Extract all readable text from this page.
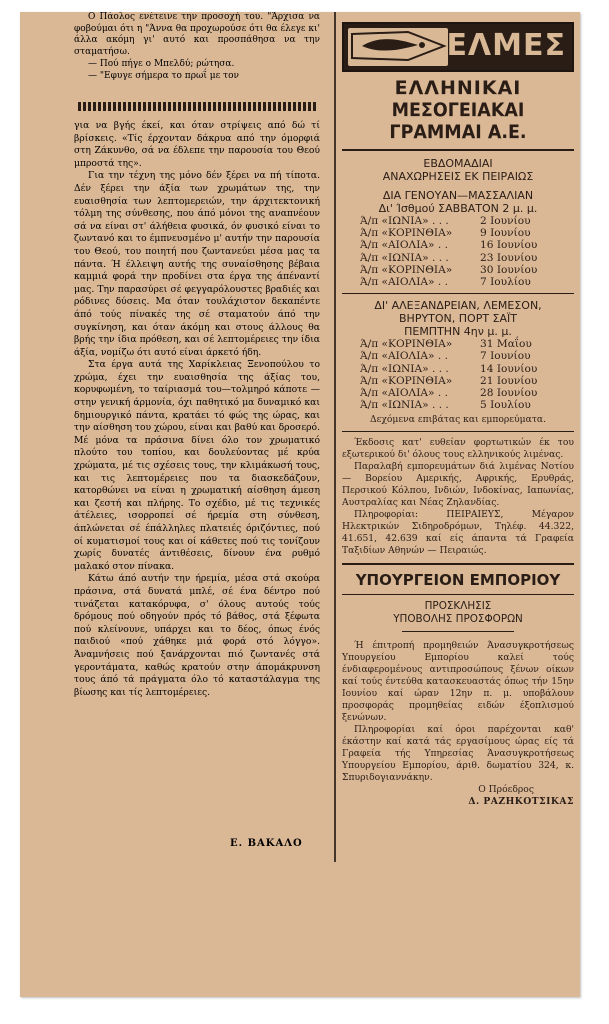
Ο Πάολος ενέτεινε την προσοχή του. "Άρχισα να φοβούμαι ότι η "Άννα θα προχωρούσε ότι θα έλεγε κι' άλλα ακόμη γι' αυτό και προσπάθησα να την σταματήσω.

— Πού πήγε ο Μπελδύ; ρώτησα.

— "Εφυγε σήμερα το πρωΐ με τον

για να βγής έκεί, και όταν στρίψεις από δώ τί βρίσκεις. «Τίς έρχονταν δάκρυα από την όμορφιά στη Ζάκυνθο, σά να έδλεπε την παρουσία του Θεού μπροστά της».

Για την τέχνη της μόνο δέν ξέρει να πή τίποτα. Δέν ξέρει την άξία των χρωμάτων της, την ευαισθησία των λεπτομερειών, την άρχιτεκτονική τόλμη της σύνθεσης, που άπό μόνοι της αναπνέουν σά να είναι στ' άλήθεια φυσικά, όν φυσικό είναι το ζωντανό και το έμπνευσμένο μ' αυτήν την παρουσία του Θεού, του ποιητή που ζωντανεύει μέσα μας τα πάντα. Ή έλλειψη αυτής της συναίσθησης βέβαια καμμιά φορά την προδίνει στα έργα της άπέναντί μας. Την παρασύρει σέ φεγγαρόλουστες βραδιές και ρόδινες δύσεις. Μα όταν τουλάχιστον δεκαπέντε άπό τούς πίνακές της σέ σταματούν άπό την συγκίνηση, και όταν άκόμη και στους άλλους θα βρής την ίδια πρόθεση, και σέ λεπτομέρειες την ίδια άξία, νομίζω ότι αυτό είναι άρκετό ήδη.

Στα έργα αυτά της Χαρίκλειας Ξενοπούλου το χρώμα, έχει την ευαισθησία της άξίας του, κορυφωμένη, το ταίριασμά του—τολμηρό κάποτε — στην γενική άρμονία, όχι παθητικό μα δυναμικό και δημιουργικό πάντα, κρατάει τό φώς της ώρας, και την αίσθηση του χώρου, είναι και βαθύ και δροσερό. Μέ μόνα τα πράσινα δίνει όλο τον χρωματικό πλούτο του τοπίου, και δουλεύοντας μέ κρύα χρώματα, μέ τις σχέσεις τους, την κλιμάκωσή τους, και τις λεπτομέρειες που τα διασκεδάζουν, κατορθώνει να είναι η χρωματική αίσθηση άμεση και ζεστή και πλήρης. Το σχέδιο, μέ τις τεχνικές άτέλειες, ισορροπεί σέ ήρεμία στη σύνθεση, άπλώνεται σέ έπάλληλες πλατειές όριζόντιες, πού οί κυματισμοί τους και οί κάθετες πού τις τονίζουν χωρίς δυνατές άντιθέσεις, δίνουν ένα ρυθμό μαλακό στον πίνακα.

Κάτω άπό αυτήν την ήρεμία, μέσα στά σκούρα πράσινα, στά δυνατά μπλέ, σέ ένα δέντρο πού τινάζεται κατακόρυφα, σ' όλους αυτούς τούς δρόμους πού οδηγούν πρός τό βάθος, στά ξέφωτα πού κλείνουνε, υπάρχει και το δέος, όπως ένός παιδιού «πού χάθηκε μιά φορά στό λόγγο». Άναμνήσεις πού ξανάρχονται πιό ζωντανές στά γεροντάματα, καθώς κρατούν στην άπομάκρυνση τους άπό τά πράγματα όλο τό καταστάλαγμα της βίωσης και τίς λεπτομέρειες.

Ε. ΒΑΚΑΛΟ
ΕΛΜΕΣ
ΕΛΛΗΝΙΚΑΙ
ΜΕΣΟΓΕΙΑΚΑΙ ΓΡΑΜΜΑΙ Α.Ε.
ΕΒΔΟΜΑΔΙΑΙ
ΑΝΑΧΩΡΗΣΕΙΣ ΕΚ ΠΕΙΡΑΙΩΣ
ΔΙΑ ΓΕΝΟΥΑΝ—ΜΑΣΣΑΛΙΑΝ
Δι' Ίσθμού ΣΑΒΒΑΤΟΝ 2 μ. μ.
Ά/π «ΙΩΝΙΑ» . . .	2 Ιουνίου
Ά/π «ΚΟΡΙΝΘΙΑ»	9 Ιουνίου
Ά/π «ΑΙΟΛΙΑ» . .	16 Ιουνίου
Ά/π «ΙΩΝΙΑ» . . .	23 Ιουνίου
Ά/π «ΚΟΡΙΝΘΙΑ»	30 Ιουνίου
Ά/π «ΑΙΟΛΙΑ» . .	7 Ιουλίου
ΔΙ' ΑΛΕΞΑΝΔΡΕΙΑΝ, ΛΕΜΕΣΟΝ,
ΒΗΡΥΤΟΝ, ΠΟΡΤ ΣΑΪΤ
ΠΕΜΠΤΗΝ 4ην μ. μ.
Ά/π «ΚΟΡΙΝΘΙΑ»	31 Μαΐου
Ά/π «ΑΙΟΛΙΑ» . .	7 Ιουνίου
Ά/π «ΙΩΝΙΑ» . . .	14 Ιουνίου
Ά/π «ΚΟΡΙΝΘΙΑ»	21 Ιουνίου
Ά/π «ΑΙΟΛΙΑ» . .	28 Ιουνίου
Ά/π «ΙΩΝΙΑ» . . .	5 Ιουλίου
Δεχόμενα επιβάτας και εμπορεύματα.

Έκδοσις κατ' ευθείαν φορτωτικών έκ του εξωτερικού δι' όλους τους ελληνικούς λιμένας.

Παραλαβή εμπορευμάτων διά λιμένας Νοτίου — Βορείου Αμερικής, Αφρικής, Ερυθράς, Περσικού Κόλπου, Ινδιών, Ινδοκίνας, Ιαπωνίας, Αυστραλίας και Νέας Ζηλανδίας.

Πληροφορίαι: ΠΕΙΡΑΙΕΥΣ, Μέγαρον Ηλεκτρικών Σιδηροδρόμων, Τηλέφ. 44.322, 41.651, 42.639 καί είς άπαντα τά Γραφεία Ταξιδίων Αθηνών — Πειραιώς.

ΥΠΟΥΡΓΕΙΟΝ ΕΜΠΟΡΙΟΥ
ΠΡΟΣΚΛΗΣΙΣ
ΥΠΟΒΟΛΗΣ ΠΡΟΣΦΟΡΩΝ

Ή έπιτροπή προμηθειών Άνασυγκροτήσεως Υπουργείου Εμπορίου καλεί τούς ένδιαφερομένους αντιπροσώπους ξένων οίκων καί τούς έντεύθα κατασκευαστάς όπως τήν 15ην Ιουνίου καί ώραν 12ην π. μ. υποβάλουν προσφοράς προμηθείας ειδών έξοπλισμού ξενώνων.

Πληροφορίαι καί όροι παρέχονται καθ' έκάστην καί κατά τάς εργασίμους ώρας είς τά Γραφεία τής Υπηρεσίας Άνασυγκροτήσεως Υπουργείου Εμπορίου, άριθ. δωματίου 324, κ. Σπυριδογιαννάκην.

Ο Πρόεδρος
Δ. ΡΑΖΗΚΟΤΣΙΚΑΣ
